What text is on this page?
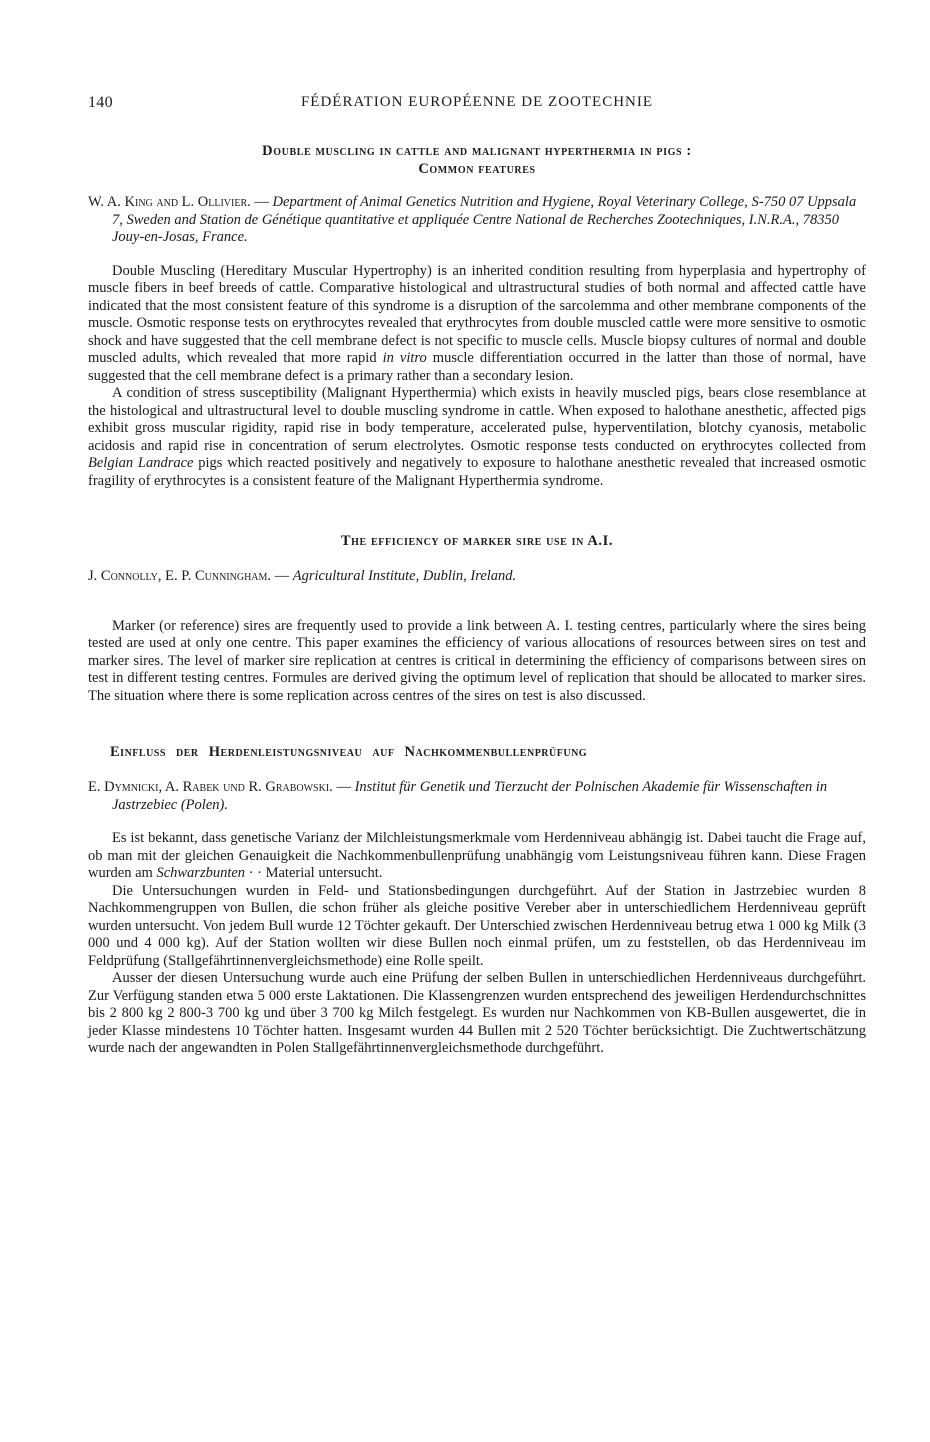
140	FÉDÉRATION EUROPÉENNE DE ZOOTECHNIE
Double muscling in cattle and malignant hyperthermia in pigs :
Common features

W. A. King and L. Ollivier. — Department of Animal Genetics Nutrition and Hygiene, Royal Veterinary College, S-750 07 Uppsala 7, Sweden and Station de Génétique quantitative et appliquée Centre National de Recherches Zootechniques, I.N.R.A., 78350 Jouy-en-Josas, France.

Double Muscling (Hereditary Muscular Hypertrophy) is an inherited condition resulting from hyperplasia and hypertrophy of muscle fibers in beef breeds of cattle. Comparative histological and ultrastructural studies of both normal and affected cattle have indicated that the most consistent feature of this syndrome is a disruption of the sarcolemma and other membrane components of the muscle. Osmotic response tests on erythrocytes revealed that erythrocytes from double muscled cattle were more sensitive to osmotic shock and have suggested that the cell membrane defect is not specific to muscle cells. Muscle biopsy cultures of normal and double muscled adults, which revealed that more rapid in vitro muscle differentiation occurred in the latter than those of normal, have suggested that the cell membrane defect is a primary rather than a secondary lesion.

A condition of stress susceptibility (Malignant Hyperthermia) which exists in heavily muscled pigs, bears close resemblance at the histological and ultrastructural level to double muscling syndrome in cattle. When exposed to halothane anesthetic, affected pigs exhibit gross muscular rigidity, rapid rise in body temperature, accelerated pulse, hyperventilation, blotchy cyanosis, metabolic acidosis and rapid rise in concentration of serum electrolytes. Osmotic response tests conducted on erythrocytes collected from Belgian Landrace pigs which reacted positively and negatively to exposure to halothane anesthetic revealed that increased osmotic fragility of erythrocytes is a consistent feature of the Malignant Hyperthermia syndrome.

The efficiency of marker sire use in A.I.

J. Connolly, E. P. Cunningham. — Agricultural Institute, Dublin, Ireland.

Marker (or reference) sires are frequently used to provide a link between A. I. testing centres, particularly where the sires being tested are used at only one centre. This paper examines the efficiency of various allocations of resources between sires on test and marker sires. The level of marker sire replication at centres is critical in determining the efficiency of comparisons between sires on test in different testing centres. Formules are derived giving the optimum level of replication that should be allocated to marker sires. The situation where there is some replication across centres of the sires on test is also discussed.

Einfluss der Herdenleistungsniveau auf Nachkommenbullenprüfung

E. Dymnicki, A. Rabek und R. Grabowski. — Institut für Genetik und Tierzucht der Polnischen Akademie für Wissenschaften in Jastrzebiec (Polen).

Es ist bekannt, dass genetische Varianz der Milchleistungsmerkmale vom Herdenniveau abhängig ist. Dabei taucht die Frage auf, ob man mit der gleichen Genauigkeit die Nachkommenbullenprüfung unabhängig vom Leistungsniveau führen kann. Diese Fragen wurden am Schwarzbunten · · Material untersucht.

Die Untersuchungen wurden in Feld- und Stationsbedingungen durchgeführt. Auf der Station in Jastrzebiec wurden 8 Nachkommengruppen von Bullen, die schon früher als gleiche positive Vereber aber in unterschiedlichem Herdenniveau geprüft wurden untersucht. Von jedem Bull wurde 12 Töchter gekauft. Der Unterschied zwischen Herdenniveau betrug etwa 1 000 kg Milk (3 000 und 4 000 kg). Auf der Station wollten wir diese Bullen noch einmal prüfen, um zu feststellen, ob das Herdenniveau im Feldprüfung (Stallgefährtinnenvergleichsmethode) eine Rolle speilt.

Ausser der diesen Untersuchung wurde auch eine Prüfung der selben Bullen in unterschiedlichen Herdenniveaus durchgeführt. Zur Verfügung standen etwa 5 000 erste Laktationen. Die Klassengrenzen wurden entsprechend des jeweiligen Herdendurchschnittes bis 2 800 kg 2 800-3 700 kg und über 3 700 kg Milch festgelegt. Es wurden nur Nachkommen von KB-Bullen ausgewertet, die in jeder Klasse mindestens 10 Töchter hatten. Insgesamt wurden 44 Bullen mit 2 520 Töchter berücksichtigt. Die Zuchtwertschätzung wurde nach der angewandten in Polen Stallgefährtinnenvergleichsmethode durchgeführt.
